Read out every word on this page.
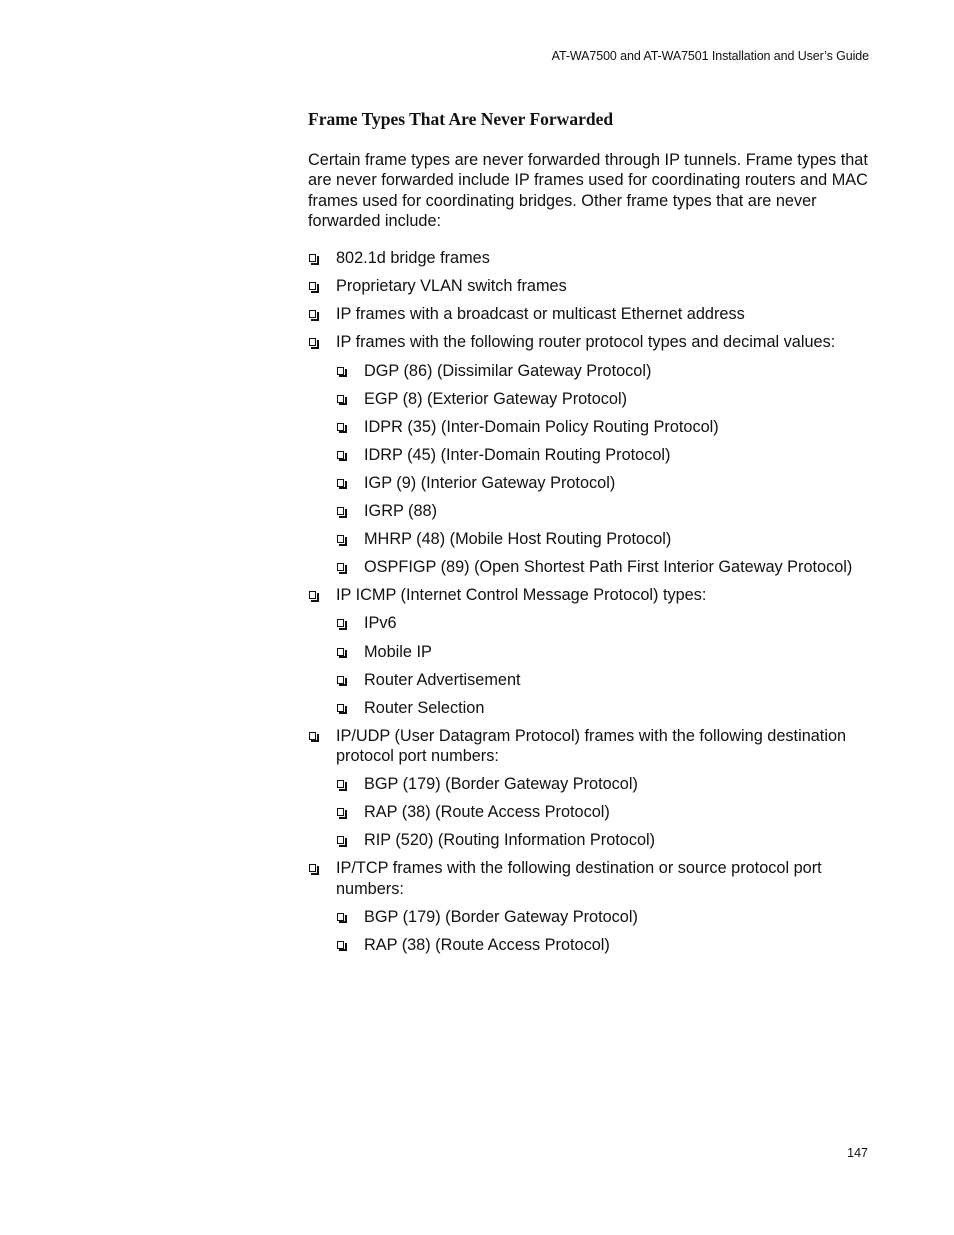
AT-WA7500 and AT-WA7501 Installation and User’s Guide
Frame Types That Are Never Forwarded

Certain frame types are never forwarded through IP tunnels. Frame types that are never forwarded include IP frames used for coordinating routers and MAC frames used for coordinating bridges. Other frame types that are never forwarded include:

802.1d bridge frames
Proprietary VLAN switch frames
IP frames with a broadcast or multicast Ethernet address
IP frames with the following router protocol types and decimal values:
DGP (86) (Dissimilar Gateway Protocol)
EGP (8) (Exterior Gateway Protocol)
IDPR (35) (Inter-Domain Policy Routing Protocol)
IDRP (45) (Inter-Domain Routing Protocol)
IGP (9) (Interior Gateway Protocol)
IGRP (88)
MHRP (48) (Mobile Host Routing Protocol)
OSPFIGP (89) (Open Shortest Path First Interior Gateway Protocol)
IP ICMP (Internet Control Message Protocol) types:
IPv6
Mobile IP
Router Advertisement
Router Selection
IP/UDP (User Datagram Protocol) frames with the following destination protocol port numbers:
BGP (179) (Border Gateway Protocol)
RAP (38) (Route Access Protocol)
RIP (520) (Routing Information Protocol)
IP/TCP frames with the following destination or source protocol port numbers:
BGP (179) (Border Gateway Protocol)
RAP (38) (Route Access Protocol)
147
